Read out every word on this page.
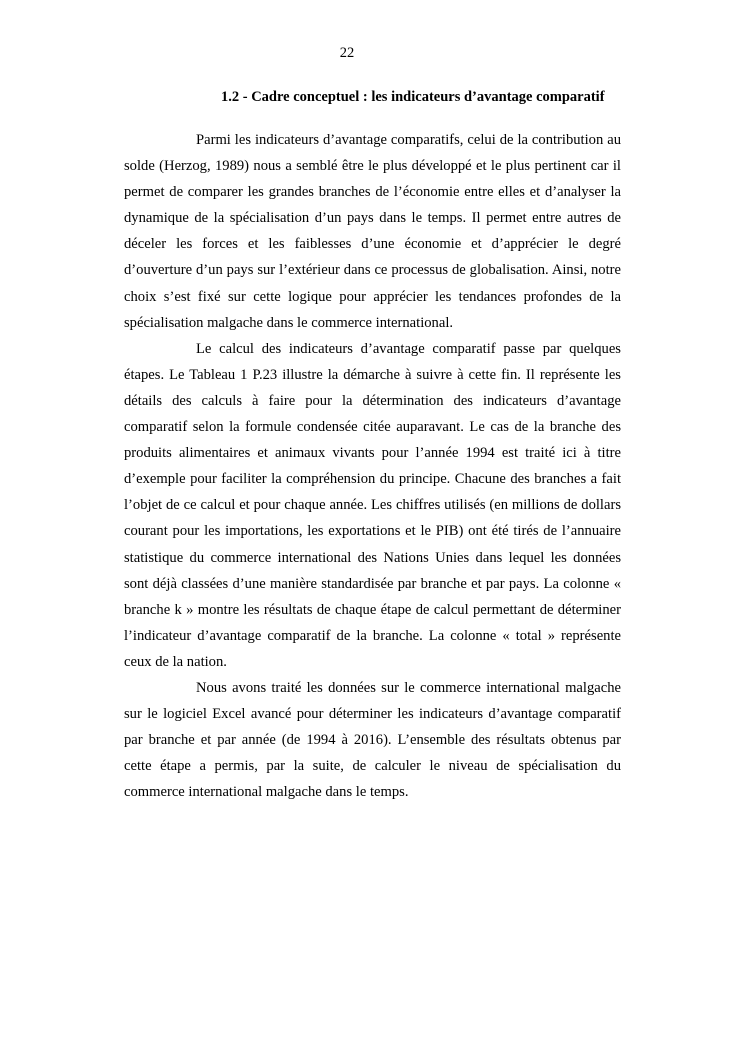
22
1.2 - Cadre conceptuel : les indicateurs d’avantage comparatif

Parmi les indicateurs d’avantage comparatifs, celui de la contribution au solde (Herzog, 1989) nous a semblé être le plus développé et le plus pertinent car il permet de comparer les grandes branches de l’économie entre elles et d’analyser la dynamique de la spécialisation d’un pays dans le temps. Il permet entre autres de déceler les forces et les faiblesses d’une économie et d’apprécier le degré d’ouverture d’un pays sur l’extérieur dans ce processus de globalisation. Ainsi, notre choix s’est fixé sur cette logique pour apprécier les tendances profondes de la spécialisation malgache dans le commerce international.

Le calcul des indicateurs d’avantage comparatif passe par quelques étapes. Le Tableau 1 P.23 illustre la démarche à suivre à cette fin. Il représente les détails des calculs à faire pour la détermination des indicateurs d’avantage comparatif selon la formule condensée citée auparavant. Le cas de la branche des produits alimentaires et animaux vivants pour l’année 1994 est traité ici à titre d’exemple pour faciliter la compréhension du principe. Chacune des branches a fait l’objet de ce calcul et pour chaque année. Les chiffres utilisés (en millions de dollars courant pour les importations, les exportations et le PIB) ont été tirés de l’annuaire statistique du commerce international des Nations Unies dans lequel les données sont déjà classées d’une manière standardisée par branche et par pays. La colonne « branche k » montre les résultats de chaque étape de calcul permettant de déterminer l’indicateur d’avantage comparatif de la branche. La colonne « total » représente ceux de la nation.

Nous avons traité les données sur le commerce international malgache sur le logiciel Excel avancé pour déterminer les indicateurs d’avantage comparatif par branche et par année (de 1994 à 2016). L’ensemble des résultats obtenus par cette étape a permis, par la suite, de calculer le niveau de spécialisation du commerce international malgache dans le temps.
